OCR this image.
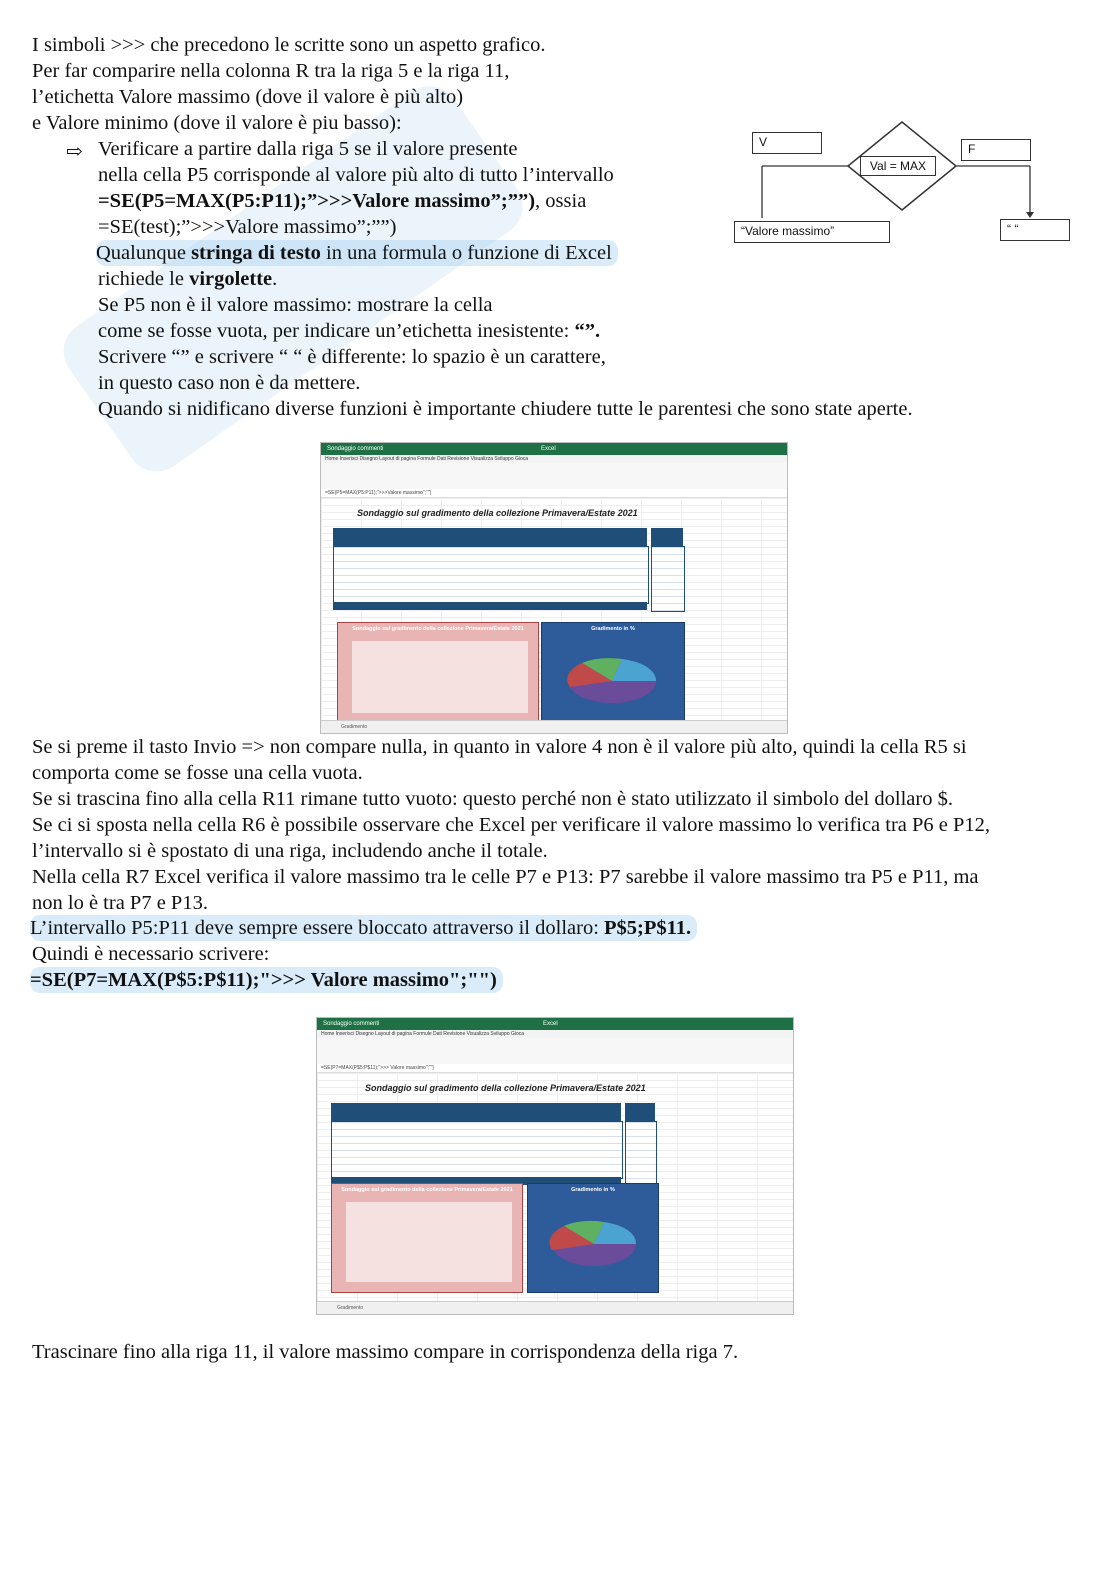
I simboli >>> che precedono le scritte sono un aspetto grafico.
Per far comparire nella colonna R tra la riga 5 e la riga 11,
l’etichetta Valore massimo (dove il valore è più alto)
e Valore minimo (dove il valore è piu basso):
⇨ Verificare a partire dalla riga 5 se il valore presente
nella cella P5 corrisponde al valore più alto di tutto l’intervallo
=SE(P5=MAX(P5:P11);”>>>Valore massimo”;””), ossia
=SE(test);”>>>Valore massimo”;””)
Qualunque stringa di testo in una formula o funzione di Excel
richiede le virgolette.
Se P5 non è il valore massimo: mostrare la cella
come se fosse vuota, per indicare un’etichetta inesistente: “”.
Scrivere “” e scrivere “ “ è differente: lo spazio è un carattere,
in questo caso non è da mettere.
Quando si nidificano diverse funzioni è importante chiudere tutte le parentesi che sono state aperte.
V
Val = MAX
F
“Valore massimo”	“ “
Sondaggio commenti	Excel
Home Inserisci Disegno Layout di pagina Formule Dati Revisione Visualizza Sviluppo Gioca
=SE(P5=MAX(P5:P11);">>>Valore massimo";"")
Sondaggio sul gradimento della collezione Primavera/Estate 2021
Sondaggio sul gradimento della collezione Primavera/Estate 2021	Gradimento in %
Gradimento
Se si preme il tasto Invio => non compare nulla, in quanto in valore 4 non è il valore più alto, quindi la cella R5 si
comporta come se fosse una cella vuota.
Se si trascina fino alla cella R11 rimane tutto vuoto: questo perché non è stato utilizzato il simbolo del dollaro $.
Se ci si sposta nella cella R6 è possibile osservare che Excel per verificare il valore massimo lo verifica tra P6 e P12,
l’intervallo si è spostato di una riga, includendo anche il totale.
Nella cella R7 Excel verifica il valore massimo tra le celle P7 e P13: P7 sarebbe il valore massimo tra P5 e P11, ma
non lo è tra P7 e P13.
L’intervallo P5:P11 deve sempre essere bloccato attraverso il dollaro: P$5;P$11.
Quindi è necessario scrivere:
=SE(P7=MAX(P$5:P$11);">>> Valore massimo";"")
Sondaggio commenti	Excel
Home Inserisci Disegno Layout di pagina Formule Dati Revisione Visualizza Sviluppo Gioca
=SE(P7=MAX(P$5:P$11);">>> Valore massimo";"")
Sondaggio sul gradimento della collezione Primavera/Estate 2021
Sondaggio sul gradimento della collezione Primavera/Estate 2021	Gradimento in %
Gradimento
Trascinare fino alla riga 11, il valore massimo compare in corrispondenza della riga 7.
